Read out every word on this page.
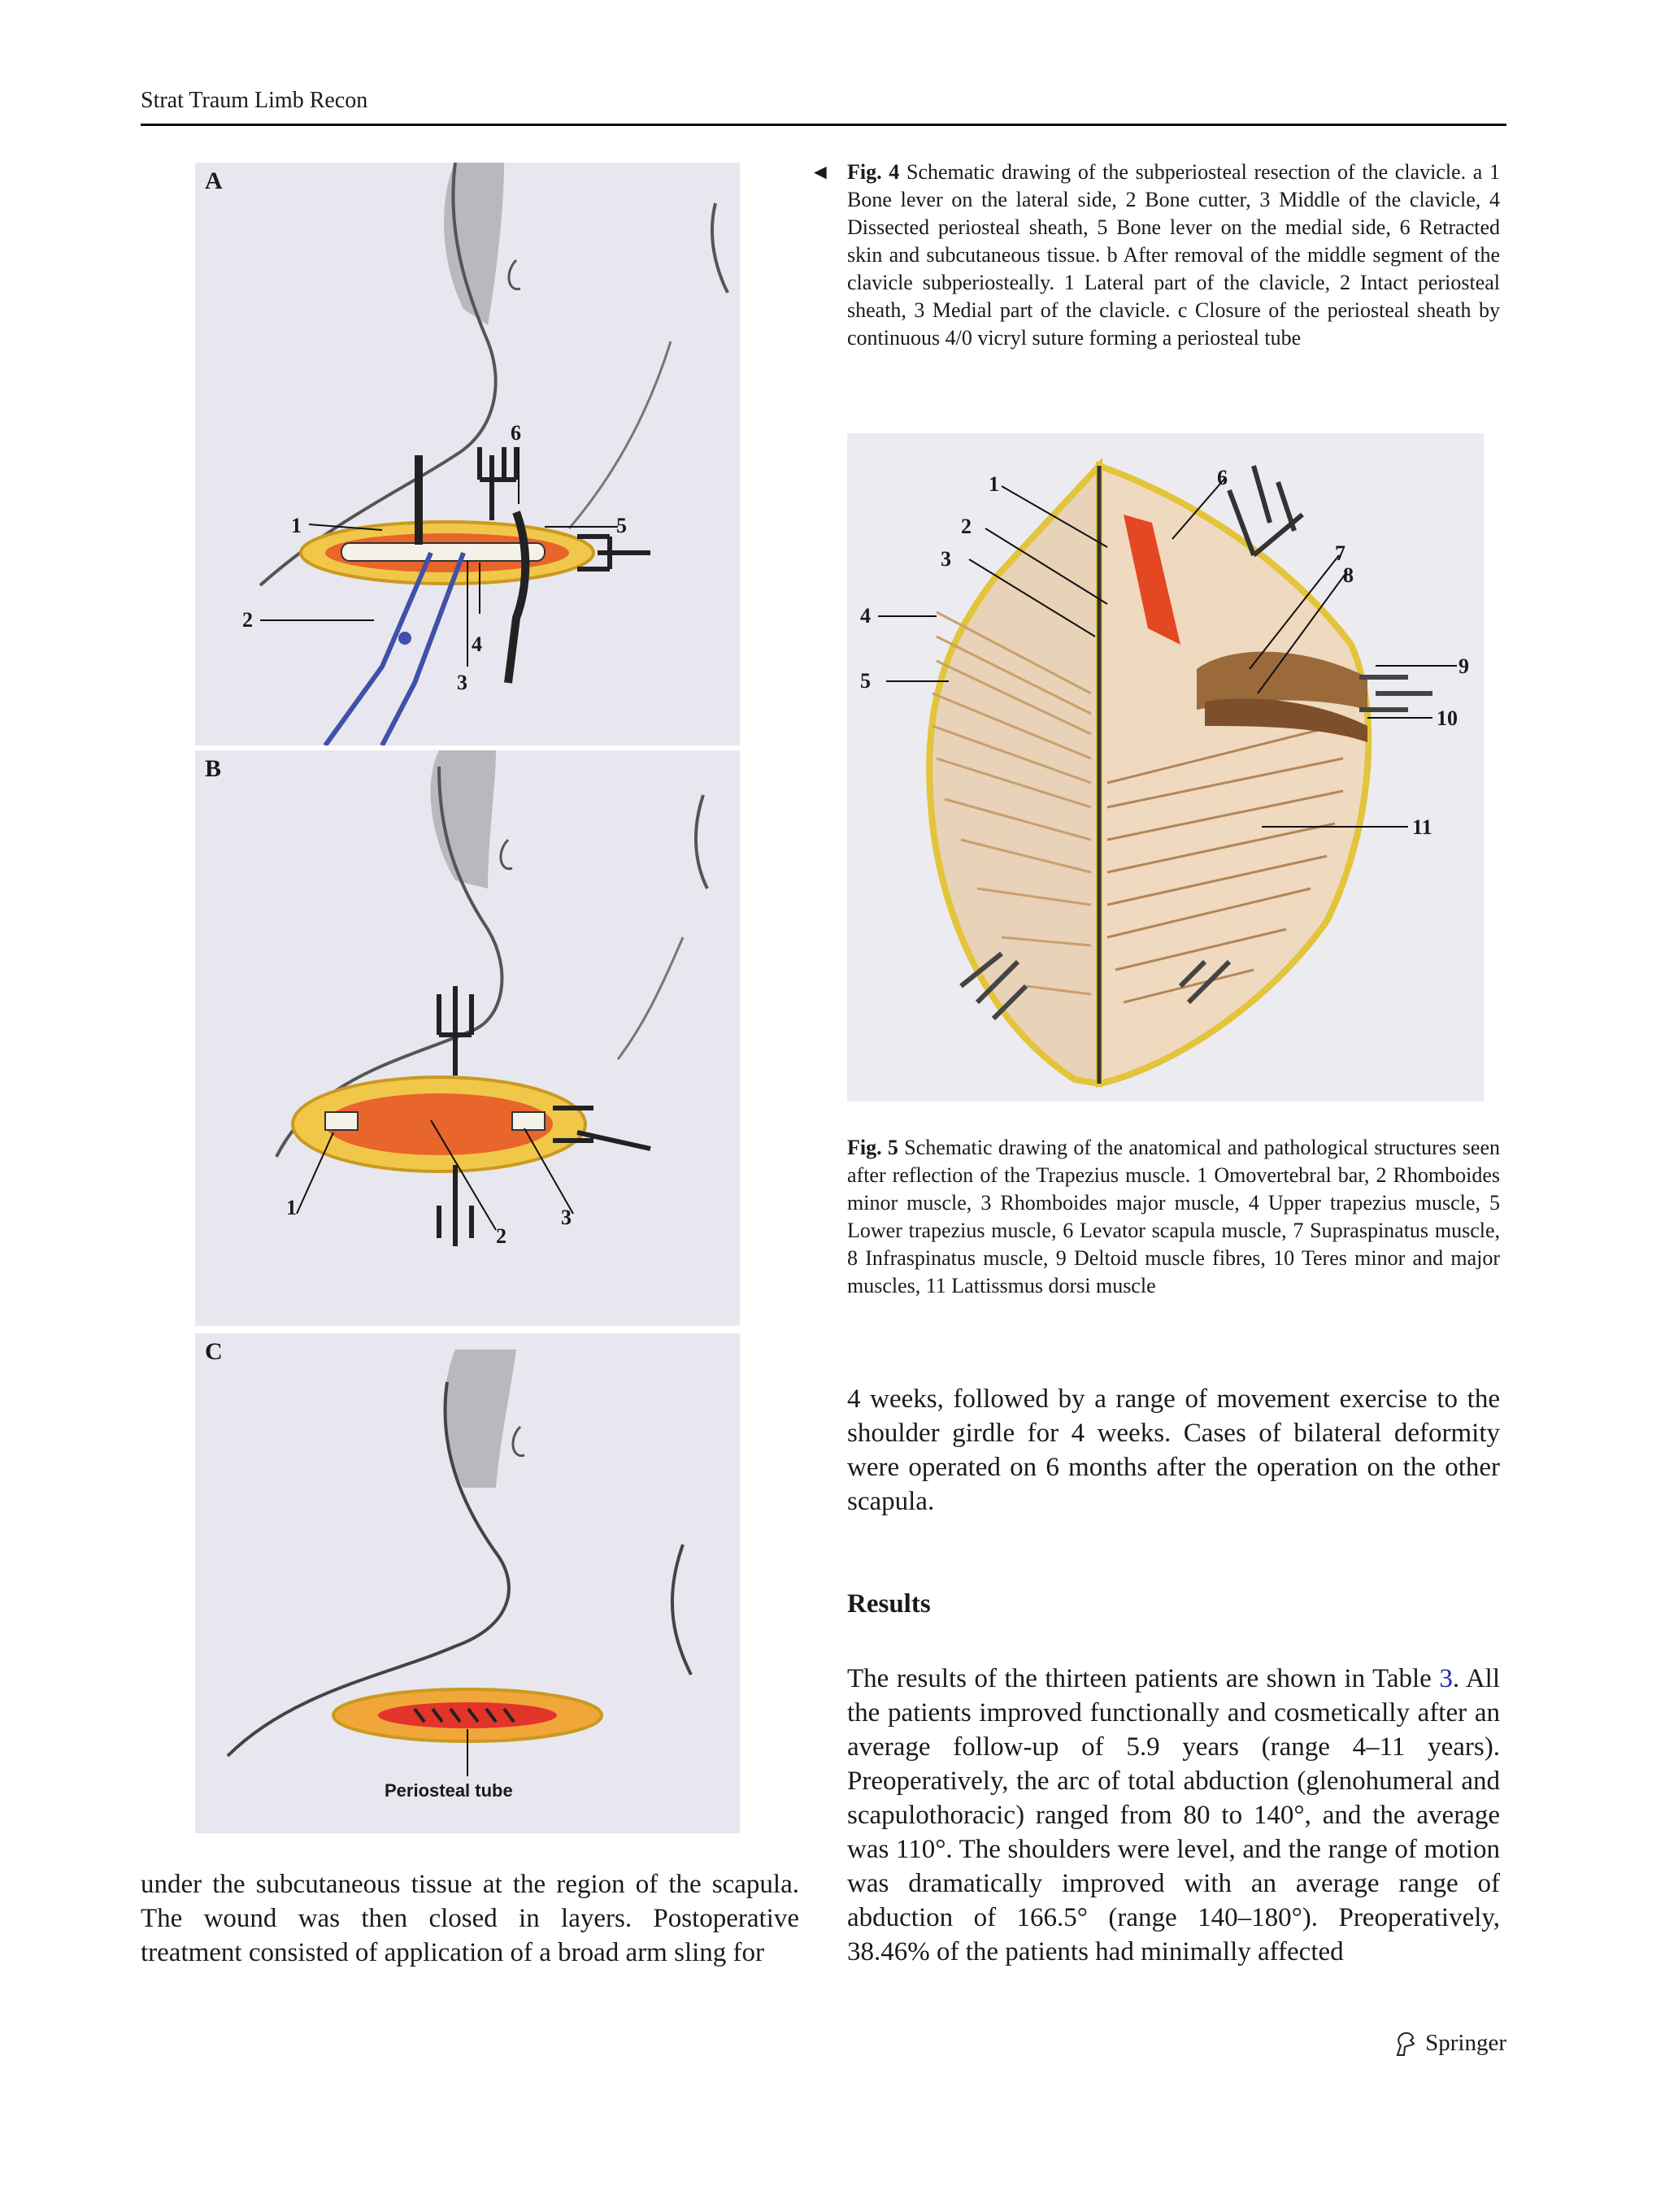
Strat Traum Limb Recon
A
1
2
3
4
5
6
B
1
2
3
C
Periosteal tube
◄ Fig. 4 Schematic drawing of the subperiosteal resection of the clavicle. a 1 Bone lever on the lateral side, 2 Bone cutter, 3 Middle of the clavicle, 4 Dissected periosteal sheath, 5 Bone lever on the medial side, 6 Retracted skin and subcutaneous tissue. b After removal of the middle segment of the clavicle subperiosteally. 1 Lateral part of the clavicle, 2 Intact periosteal sheath, 3 Medial part of the clavicle. c Closure of the periosteal sheath by continuous 4/0 vicryl suture forming a periosteal tube
1
2
3
4
5
6
7
8
9
10
11
Fig. 5 Schematic drawing of the anatomical and pathological structures seen after reflection of the Trapezius muscle. 1 Omovertebral bar, 2 Rhomboides minor muscle, 3 Rhomboides major muscle, 4 Upper trapezius muscle, 5 Lower trapezius muscle, 6 Levator scapula muscle, 7 Supraspinatus muscle, 8 Infraspinatus muscle, 9 Deltoid muscle fibres, 10 Teres minor and major muscles, 11 Lattissmus dorsi muscle
under the subcutaneous tissue at the region of the scapula. The wound was then closed in layers. Postoperative treatment consisted of application of a broad arm sling for
4 weeks, followed by a range of movement exercise to the shoulder girdle for 4 weeks. Cases of bilateral deformity were operated on 6 months after the operation on the other scapula.
Results
The results of the thirteen patients are shown in Table 3. All the patients improved functionally and cosmetically after an average follow-up of 5.9 years (range 4–11 years). Preoperatively, the arc of total abduction (glenohumeral and scapulothoracic) ranged from 80 to 140°, and the average was 110°. The shoulders were level, and the range of motion was dramatically improved with an average range of abduction of 166.5° (range 140–180°). Preoperatively, 38.46% of the patients had minimally affected
Springer
